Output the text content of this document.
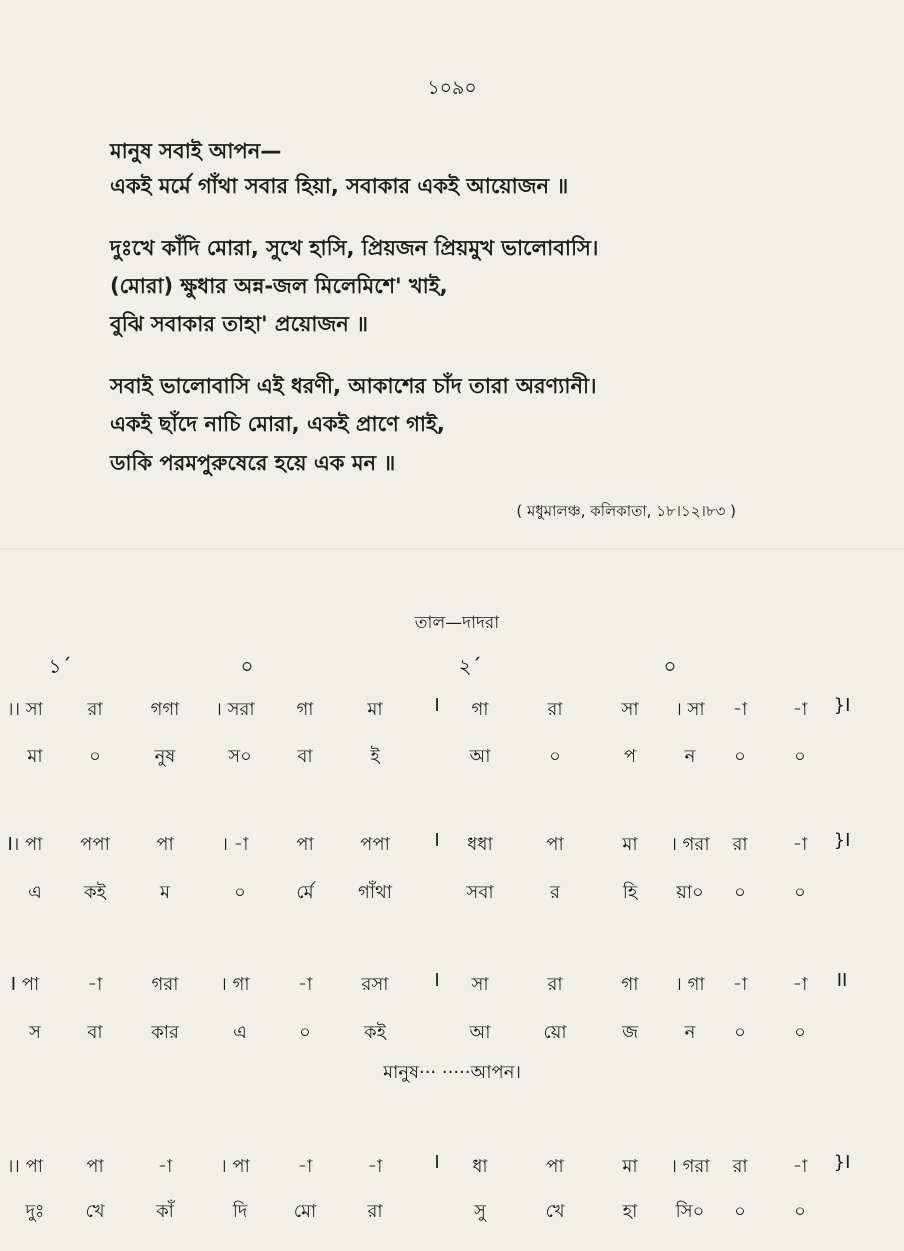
১০৯০
মানুষ সবাই আপন—
একই মর্মে গাঁথা সবার হিয়া, সবাকার একই আয়োজন ॥
দুঃখে কাঁদি মোরা, সুখে হাসি, প্রিয়জন প্রিয়মুখ ভালোবাসি।
(মোরা) ক্ষুধার অন্ন-জল মিলেমিশে' খাই,
বুঝি সবাকার তাহা' প্রয়োজন ॥
সবাই ভালোবাসি এই ধরণী, আকাশের চাঁদ তারা অরণ্যানী।
একই ছাঁদে নাচি মোরা, একই প্রাণে গাই,
ডাকি পরমপুরুষেরে হয়ে এক মন ॥
( মধুমালঞ্চ, কলিকাতা, ১৮।১২।৮৩ )
তাল—দাদরা
১´	০	২´	০
।। সা রা	গগা । সরা গা	মা	I গা	রা	সা । সা -া	-া }I
মা	০	নুষ	স০	বা	ই	আ	০	প	ন ০	০
I। পা পপা	পা	। -া	পা	পপা I ধধা	পা	মা । গরা রা	-া }I
এ কই	ম	০	র্মে গাঁথা	সবা	র	হি য়া০ ০	০
I পা	-া	গরা । গা	-া	রসা	I সা	রা	গা । গা -া	-া II
স	বা	কার	এ	০	কই	আ	য়ো	জ	ন ০	০
।। পা পা	-া	। পা	-া	-া	I ধা	পা	মা । গরা রা	-া }I
দুঃ খে	কাঁ	দি	মো	রা	সু	খে	হা সি০ ০	০
মানুষ··· ·····আপন।
